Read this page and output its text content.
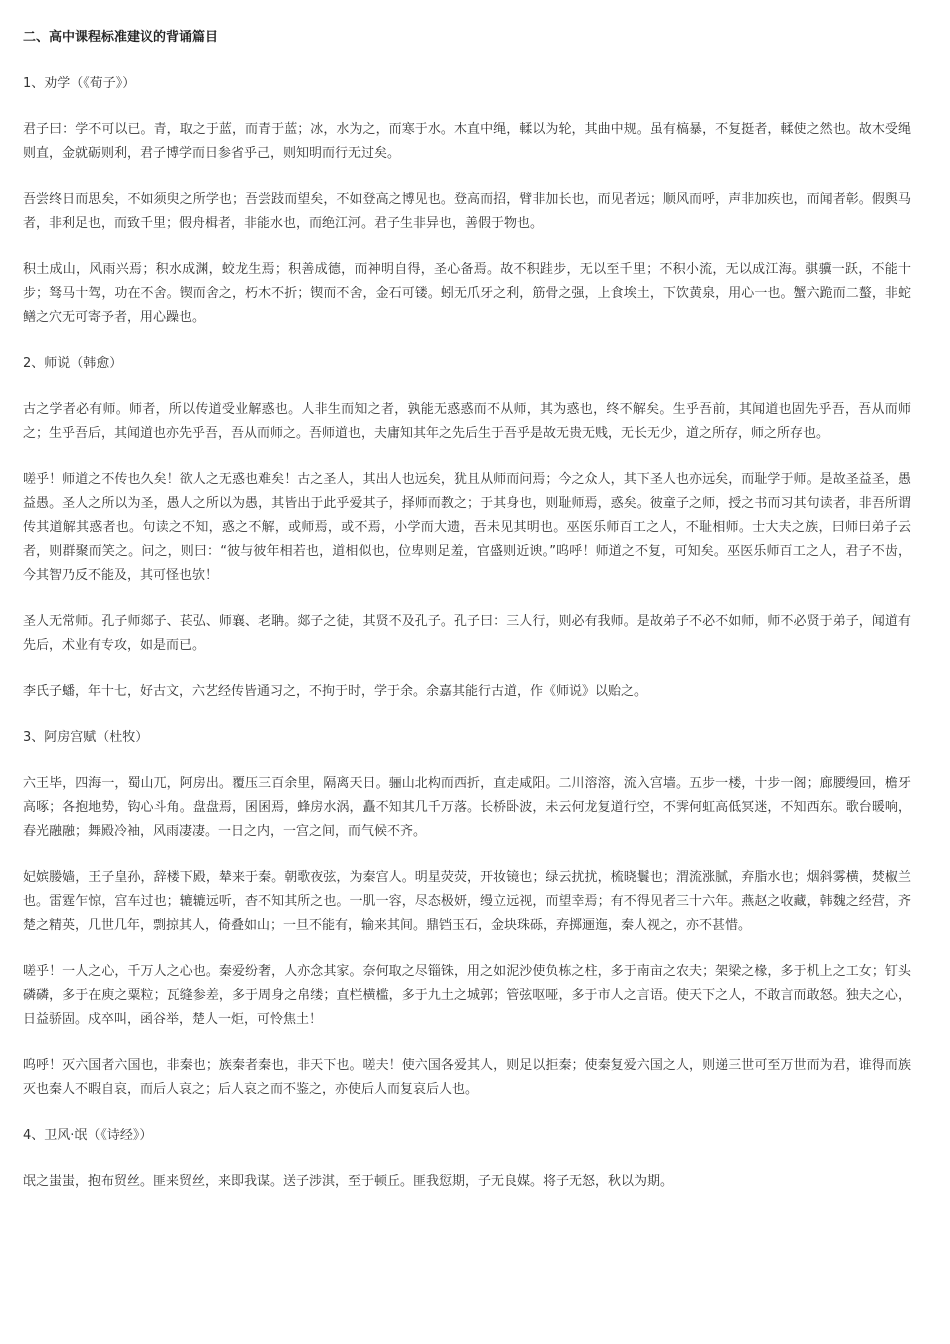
二、高中课程标准建议的背诵篇目
1、劝学（《荀子》）

君子曰：学不可以已。青，取之于蓝，而青于蓝；冰，水为之，而寒于水。木直中绳，輮以为轮，其曲中规。虽有槁暴，不复挺者，輮使之然也。故木受绳则直，金就砺则利，君子博学而日参省乎己，则知明而行无过矣。

吾尝终日而思矣，不如须臾之所学也；吾尝跂而望矣，不如登高之博见也。登高而招，臂非加长也，而见者远；顺风而呼，声非加疾也，而闻者彰。假舆马者，非利足也，而致千里；假舟楫者，非能水也，而绝江河。君子生非异也，善假于物也。

积土成山，风雨兴焉；积水成渊，蛟龙生焉；积善成德，而神明自得，圣心备焉。故不积跬步，无以至千里；不积小流，无以成江海。骐骥一跃，不能十步；驽马十驾，功在不舍。锲而舍之，朽木不折；锲而不舍，金石可镂。蚓无爪牙之利，筋骨之强，上食埃土，下饮黄泉，用心一也。蟹六跪而二螯，非蛇鳝之穴无可寄予者，用心躁也。

2、师说（韩愈）

古之学者必有师。师者，所以传道受业解惑也。人非生而知之者，孰能无惑惑而不从师，其为惑也，终不解矣。生乎吾前，其闻道也固先乎吾，吾从而师之；生乎吾后，其闻道也亦先乎吾，吾从而师之。吾师道也，夫庸知其年之先后生于吾乎是故无贵无贱，无长无少，道之所存，师之所存也。

嗟乎！师道之不传也久矣！欲人之无惑也难矣！古之圣人，其出人也远矣，犹且从师而问焉；今之众人，其下圣人也亦远矣，而耻学于师。是故圣益圣，愚益愚。圣人之所以为圣，愚人之所以为愚，其皆出于此乎爱其子，择师而教之；于其身也，则耻师焉，惑矣。彼童子之师，授之书而习其句读者，非吾所谓传其道解其惑者也。句读之不知，惑之不解，或师焉，或不焉，小学而大遗，吾未见其明也。巫医乐师百工之人，不耻相师。士大夫之族，曰师曰弟子云者，则群聚而笑之。问之，则曰：“彼与彼年相若也，道相似也，位卑则足羞，官盛则近谀。”呜呼！师道之不复，可知矣。巫医乐师百工之人，君子不齿，今其智乃反不能及，其可怪也欤！

圣人无常师。孔子师郯子、苌弘、师襄、老聃。郯子之徒，其贤不及孔子。孔子曰：三人行，则必有我师。是故弟子不必不如师，师不必贤于弟子，闻道有先后，术业有专攻，如是而已。

李氏子蟠，年十七，好古文，六艺经传皆通习之，不拘于时，学于余。余嘉其能行古道，作《师说》以贻之。

3、阿房宫赋（杜牧）

六王毕，四海一，蜀山兀，阿房出。覆压三百余里，隔离天日。骊山北构而西折，直走咸阳。二川溶溶，流入宫墙。五步一楼，十步一阁；廊腰缦回，檐牙高啄；各抱地势，钩心斗角。盘盘焉，囷囷焉，蜂房水涡，矗不知其几千万落。长桥卧波，未云何龙复道行空，不霁何虹高低冥迷，不知西东。歌台暖响，春光融融；舞殿冷袖，风雨凄凄。一日之内，一宫之间，而气候不齐。

妃嫔媵嫱，王子皇孙，辞楼下殿，辇来于秦。朝歌夜弦，为秦宫人。明星荧荧，开妆镜也；绿云扰扰，梳晓鬟也；渭流涨腻，弃脂水也；烟斜雾横，焚椒兰也。雷霆乍惊，宫车过也；辘辘远听，杳不知其所之也。一肌一容，尽态极妍，缦立远视，而望幸焉；有不得见者三十六年。燕赵之收藏，韩魏之经营，齐楚之精英，几世几年，剽掠其人，倚叠如山；一旦不能有，输来其间。鼎铛玉石，金块珠砾，弃掷逦迤，秦人视之，亦不甚惜。

嗟乎！一人之心，千万人之心也。秦爱纷奢，人亦念其家。奈何取之尽锱铢，用之如泥沙使负栋之柱，多于南亩之农夫；架梁之椽，多于机上之工女；钉头磷磷，多于在庾之粟粒；瓦缝参差，多于周身之帛缕；直栏横槛，多于九土之城郭；管弦呕哑，多于市人之言语。使天下之人，不敢言而敢怒。独夫之心，日益骄固。戍卒叫，函谷举，楚人一炬，可怜焦土！

呜呼！灭六国者六国也，非秦也；族秦者秦也，非天下也。嗟夫！使六国各爱其人，则足以拒秦；使秦复爱六国之人，则递三世可至万世而为君，谁得而族灭也秦人不暇自哀，而后人哀之；后人哀之而不鉴之，亦使后人而复哀后人也。

4、卫风·氓（《诗经》）

氓之蚩蚩，抱布贸丝。匪来贸丝，来即我谋。送子涉淇，至于顿丘。匪我愆期，子无良媒。将子无怒，秋以为期。
